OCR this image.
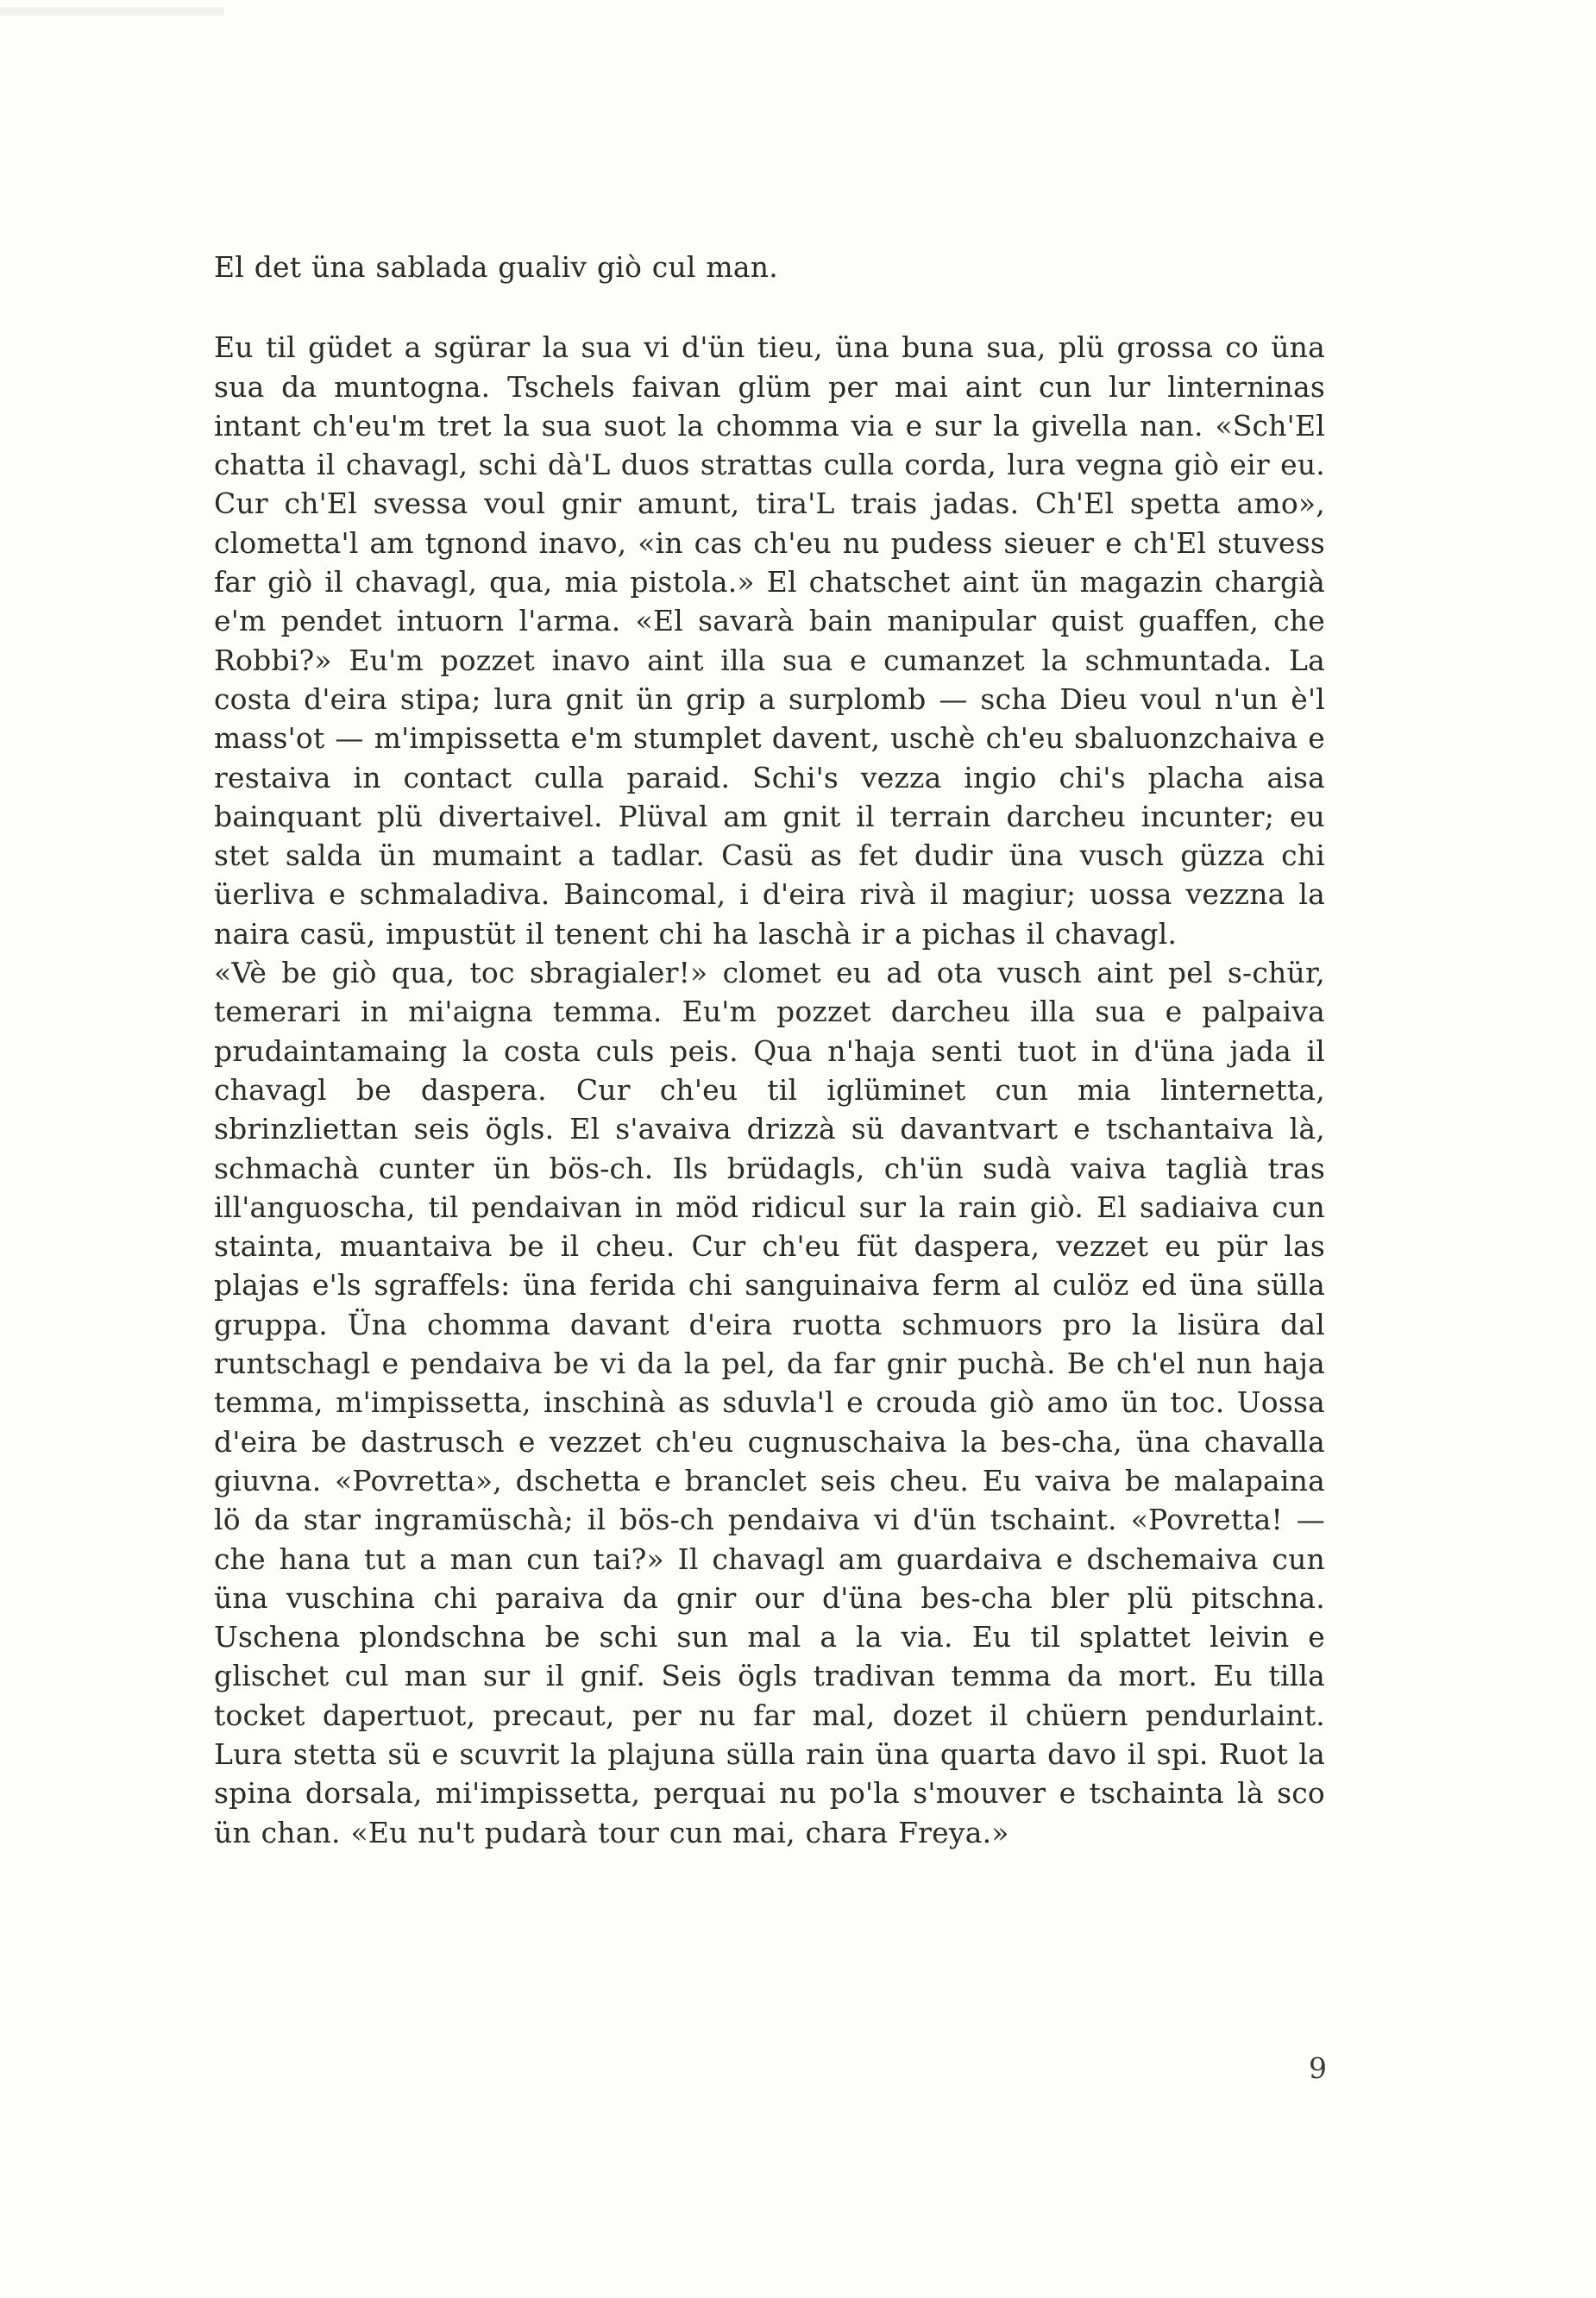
El det üna sablada gualiv giò cul man.

Eu til güdet a sgürar la sua vi d'ün tieu, üna buna sua, plü grossa co üna sua da muntogna. Tschels faivan glüm per mai aint cun lur linterninas intant ch'eu'm tret la sua suot la chomma via e sur la givella nan. «Sch'El chatta il chavagl, schi dà'L duos strattas culla corda, lura vegna giò eir eu. Cur ch'El svessa voul gnir amunt, tira'L trais jadas. Ch'El spetta amo», clometta'l am tgnond inavo, «in cas ch'eu nu pudess sieuer e ch'El stuvess far giò il chavagl, qua, mia pistola.» El chatschet aint ün magazin chargià e'm pendet intuorn l'arma. «El savarà bain manipular quist guaffen, che Robbi?» Eu'm pozzet inavo aint illa sua e cumanzet la schmuntada. La costa d'eira stipa; lura gnit ün grip a surplomb — scha Dieu voul n'un è'l mass'ot — m'impissetta e'm stumplet davent, uschè ch'eu sbaluonzchaiva e restaiva in contact culla paraid. Schi's vezza ingio chi's placha aisa bainquant plü divertaivel. Plüval am gnit il terrain darcheu incunter; eu stet salda ün mumaint a tadlar. Casü as fet dudir üna vusch güzza chi üerliva e schmaladiva. Baincomal, i d'eira rivà il magiur; uossa vezzna la naira casü, impustüt il tenent chi ha laschà ir a pichas il chavagl.

«Vè be giò qua, toc sbragialer!» clomet eu ad ota vusch aint pel s-chür, temerari in mi'aigna temma. Eu'm pozzet darcheu illa sua e palpaiva prudaintamaing la costa culs peis. Qua n'haja senti tuot in d'üna jada il chavagl be daspera. Cur ch'eu til iglüminet cun mia linternetta, sbrinzliettan seis ögls. El s'avaiva drizzà sü davantvart e tschantaiva là, schmachà cunter ün bös-ch. Ils brüdagls, ch'ün sudà vaiva taglià tras ill'anguoscha, til pendaivan in möd ridicul sur la rain giò. El sadiaiva cun stainta, muantaiva be il cheu. Cur ch'eu füt daspera, vezzet eu pür las plajas e'ls sgraffels: üna ferida chi sanguinaiva ferm al culöz ed üna sülla gruppa. Üna chomma davant d'eira ruotta schmuors pro la lisüra dal runtschagl e pendaiva be vi da la pel, da far gnir puchà. Be ch'el nun haja temma, m'impissetta, inschinà as sduvla'l e crouda giò amo ün toc. Uossa d'eira be dastrusch e vezzet ch'eu cugnuschaiva la bes-cha, üna chavalla giuvna. «Povretta», dschetta e branclet seis cheu. Eu vaiva be malapaina lö da star ingramüschà; il bös-ch pendaiva vi d'ün tschaint. «Povretta! — che hana tut a man cun tai?» Il chavagl am guardaiva e dschemaiva cun üna vuschina chi paraiva da gnir our d'üna bes-cha bler plü pitschna. Uschena plondschna be schi sun mal a la via. Eu til splattet leivin e glischet cul man sur il gnif. Seis ögls tradivan temma da mort. Eu tilla tocket dapertuot, precaut, per nu far mal, dozet il chüern pendurlaint. Lura stetta sü e scuvrit la plajuna sülla rain üna quarta davo il spi. Ruot la spina dorsala, mi'impissetta, perquai nu po'la s'mouver e tschainta là sco ün chan. «Eu nu't pudarà tour cun mai, chara Freya.»

9
